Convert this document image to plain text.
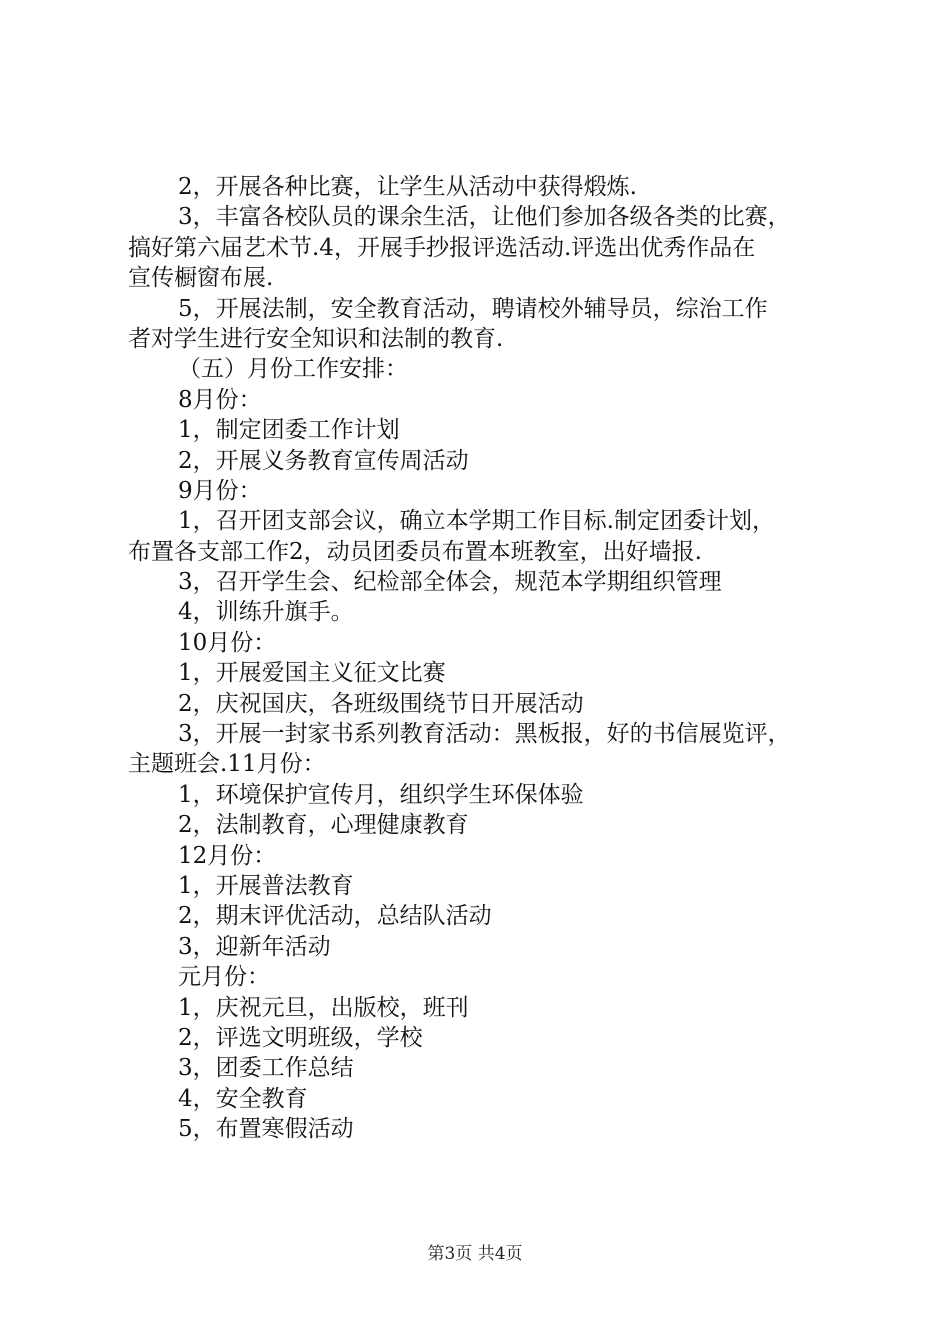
2，开展各种比赛，让学生从活动中获得煅炼.
3，丰富各校队员的课余生活，让他们参加各级各类的比赛，
搞好第六届艺术节.4，开展手抄报评选活动.评选出优秀作品在
宣传橱窗布展.
5，开展法制，安全教育活动，聘请校外辅导员，综治工作
者对学生进行安全知识和法制的教育.
（五）月份工作安排：
8月份：
1，制定团委工作计划
2，开展义务教育宣传周活动
9月份：
1，召开团支部会议，确立本学期工作目标.制定团委计划，
布置各支部工作2，动员团委员布置本班教室，出好墙报.
3，召开学生会、纪检部全体会，规范本学期组织管理
4，训练升旗手。
10月份：
1，开展爱国主义征文比赛
2，庆祝国庆，各班级围绕节日开展活动
3，开展一封家书系列教育活动：黑板报，好的书信展览评，
主题班会.11月份：
1，环境保护宣传月，组织学生环保体验
2，法制教育，心理健康教育
12月份：
1，开展普法教育
2，期末评优活动，总结队活动
3，迎新年活动
元月份：
1，庆祝元旦，出版校，班刊
2，评选文明班级，学校
3，团委工作总结
4，安全教育
5，布置寒假活动
第3页 共4页
